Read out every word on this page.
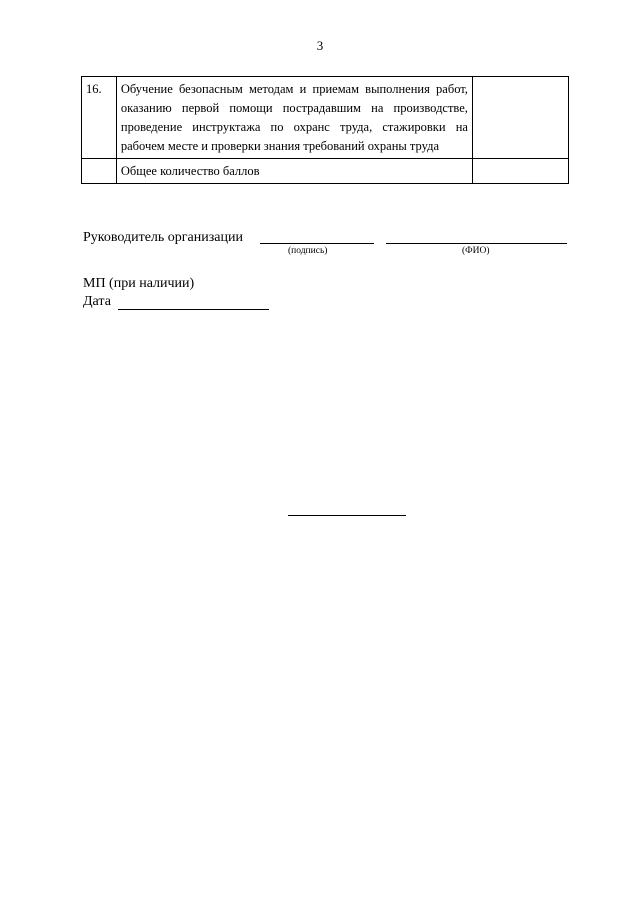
3
16.	Обучение безопасным методам и приемам выполнения работ, оказанию первой помощи пострадавшим на производстве, проведение инструктажа по охранс труда, стажировки на рабочем месте и проверки знания требований охраны труда	
	Общее количество баллов	
Руководитель организации
(подпись)	(ФИО)
МП (при наличии)
Дата
